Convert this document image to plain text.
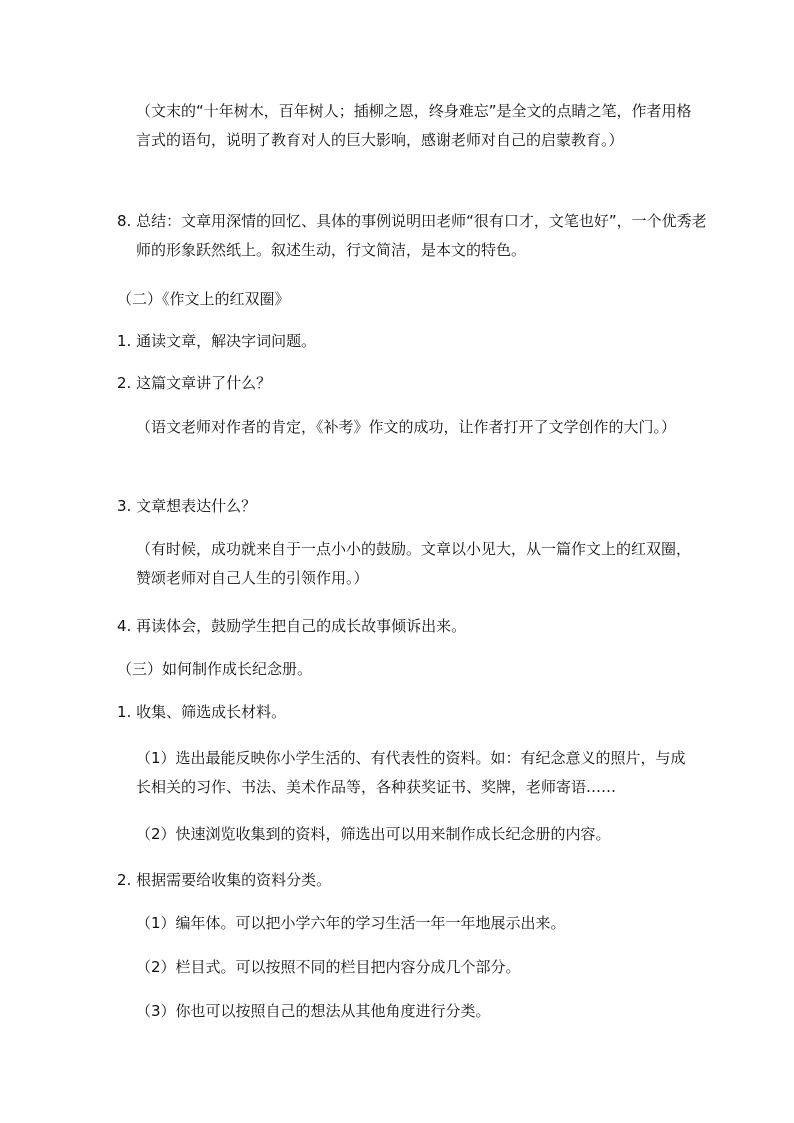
（文末的“十年树木，百年树人；插柳之恩，终身难忘”是全文的点睛之笔，作者用格言式的语句，说明了教育对人的巨大影响，感谢老师对自己的启蒙教育。）
8. 总结：文章用深情的回忆、具体的事例说明田老师“很有口才，文笔也好”，一个优秀老师的形象跃然纸上。叙述生动，行文简洁，是本文的特色。
（二）《作文上的红双圈》
1. 通读文章，解决字词问题。
2. 这篇文章讲了什么？
（语文老师对作者的肯定，《补考》作文的成功，让作者打开了文学创作的大门。）
3. 文章想表达什么？
（有时候，成功就来自于一点小小的鼓励。文章以小见大，从一篇作文上的红双圈，赞颂老师对自己人生的引领作用。）
4. 再读体会，鼓励学生把自己的成长故事倾诉出来。
（三）如何制作成长纪念册。
1. 收集、筛选成长材料。
（1）选出最能反映你小学生活的、有代表性的资料。如：有纪念意义的照片，与成长相关的习作、书法、美术作品等，各种获奖证书、奖牌，老师寄语……
（2）快速浏览收集到的资料，筛选出可以用来制作成长纪念册的内容。
2. 根据需要给收集的资料分类。
（1）编年体。可以把小学六年的学习生活一年一年地展示出来。
（2）栏目式。可以按照不同的栏目把内容分成几个部分。
（3）你也可以按照自己的想法从其他角度进行分类。
